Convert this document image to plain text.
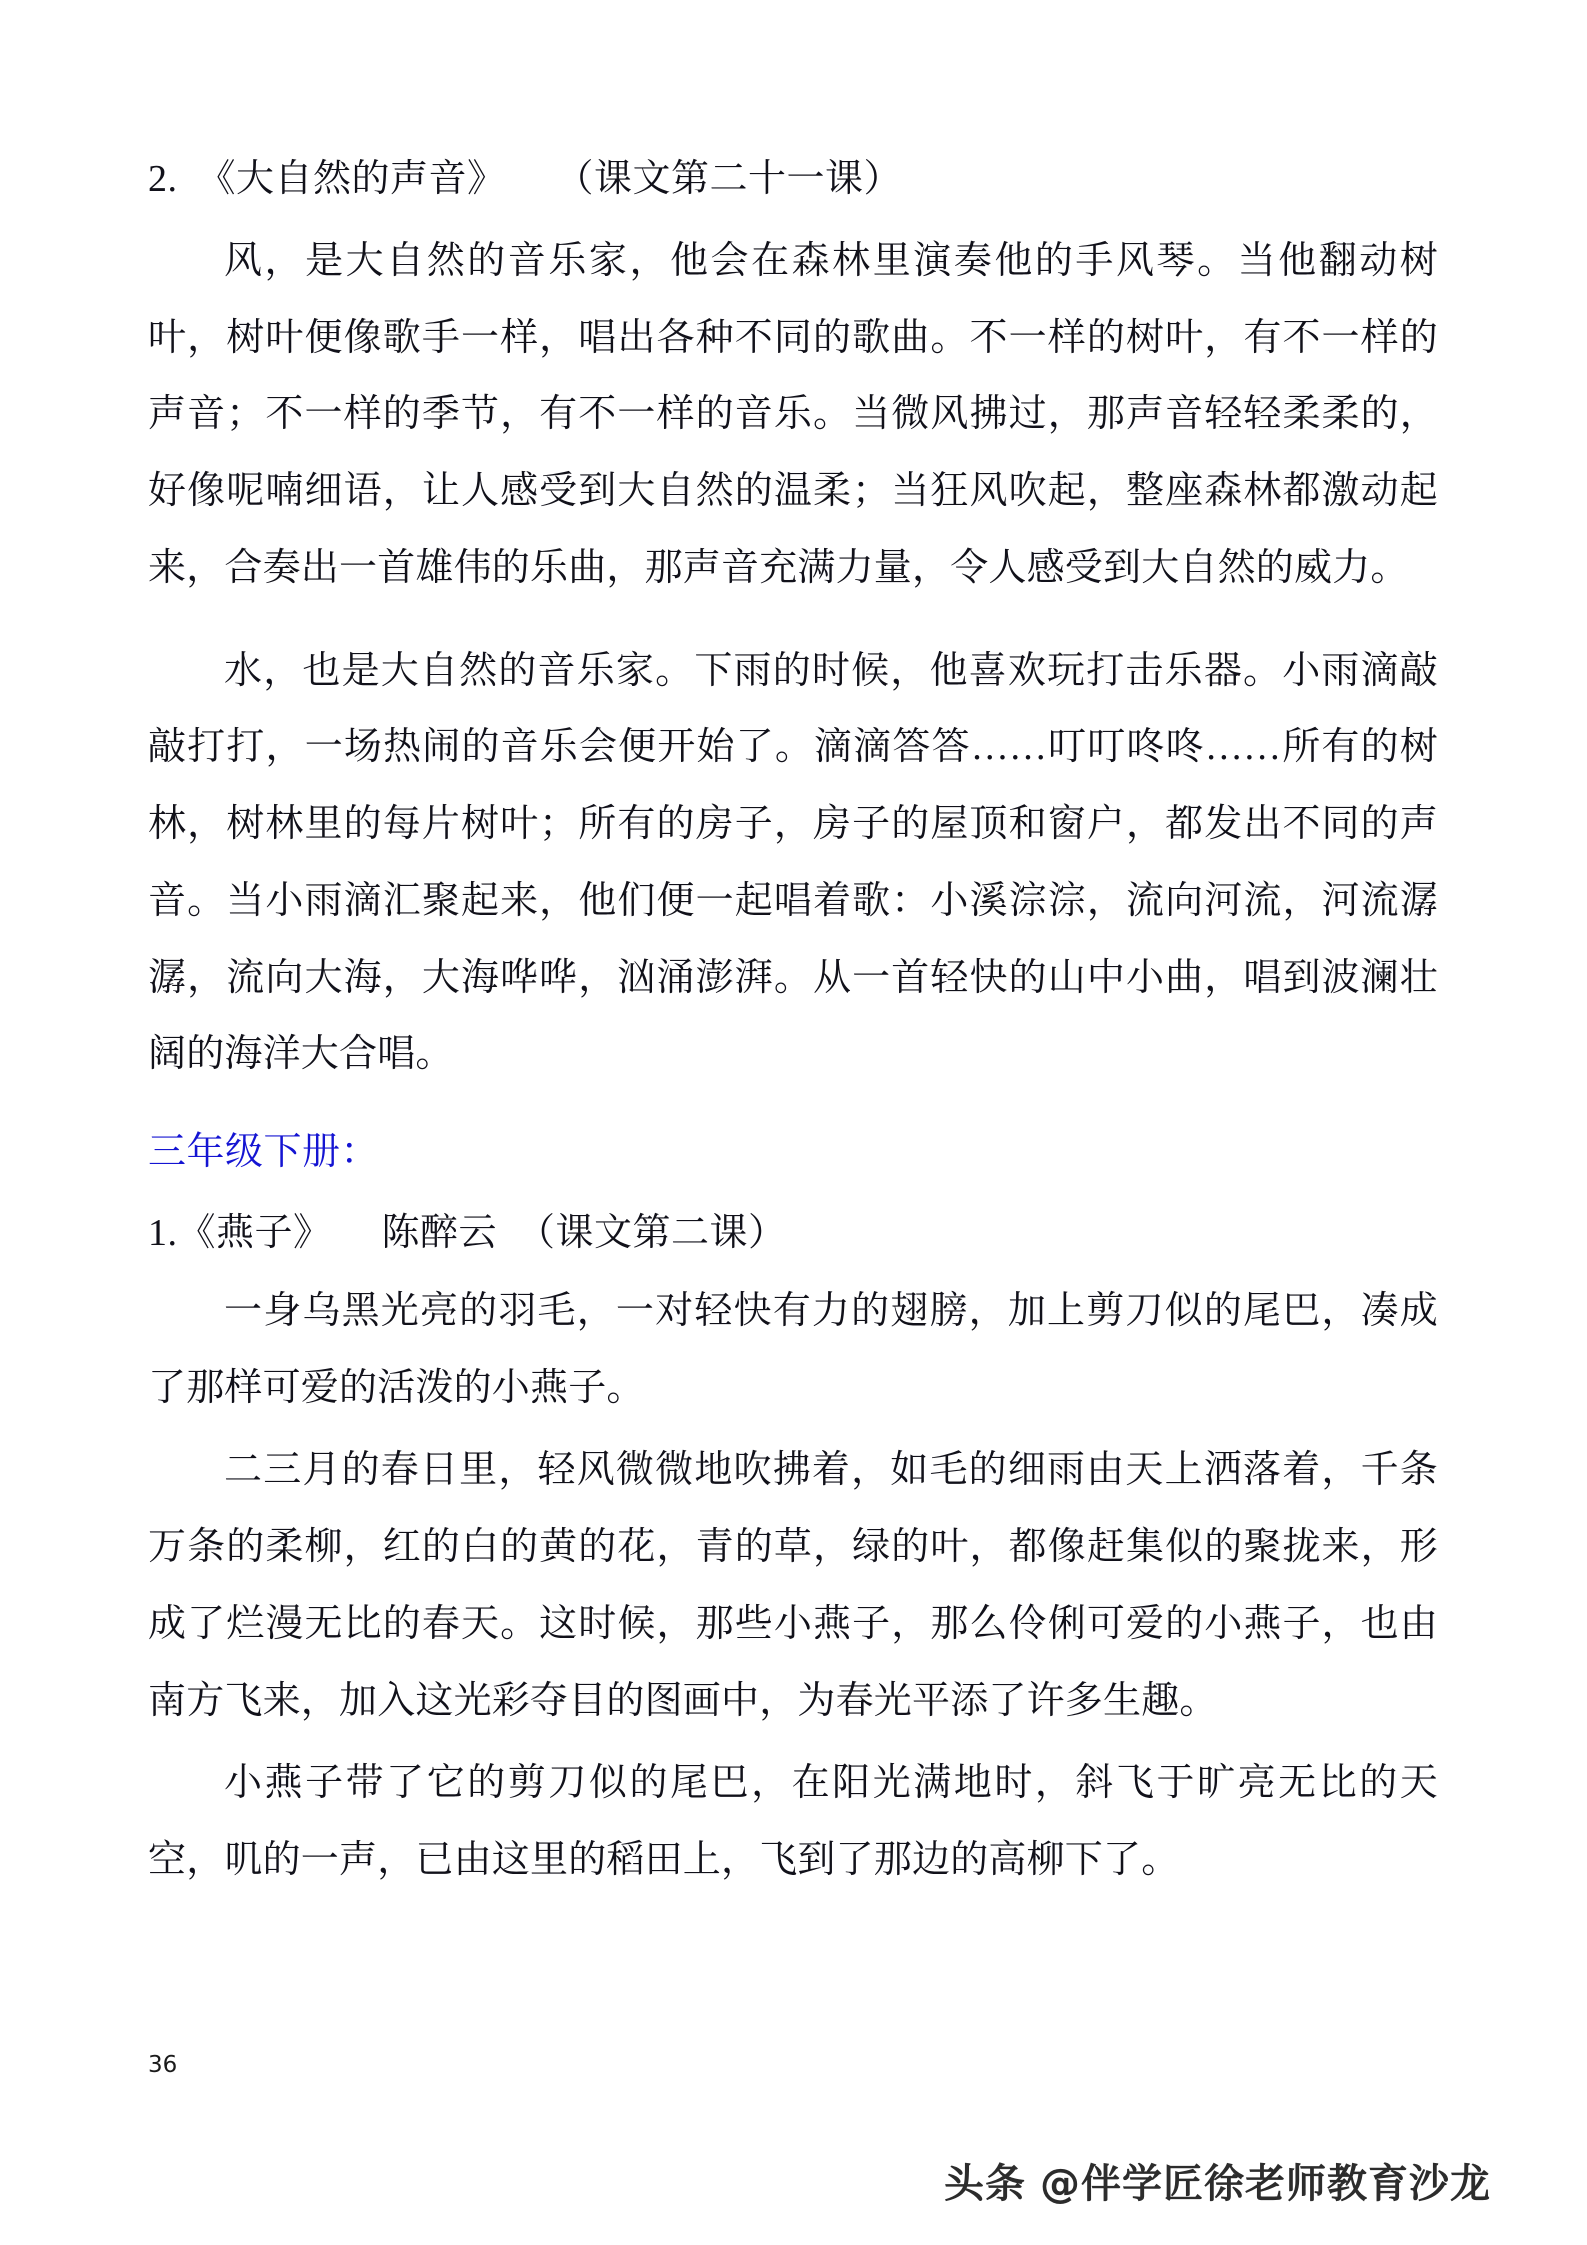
2.  《大自然的声音》     （课文第二十一课）

风，是大自然的音乐家，他会在森林里演奏他的手风琴。当他翻动树叶，树叶便像歌手一样，唱出各种不同的歌曲。不一样的树叶，有不一样的声音；不一样的季节，有不一样的音乐。当微风拂过，那声音轻轻柔柔的，好像呢喃细语，让人感受到大自然的温柔；当狂风吹起，整座森林都激动起来，合奏出一首雄伟的乐曲，那声音充满力量，令人感受到大自然的威力。

水，也是大自然的音乐家。下雨的时候，他喜欢玩打击乐器。小雨滴敲敲打打，一场热闹的音乐会便开始了。滴滴答答……叮叮咚咚……所有的树林，树林里的每片树叶；所有的房子，房子的屋顶和窗户，都发出不同的声音。当小雨滴汇聚起来，他们便一起唱着歌：小溪淙淙，流向河流，河流潺潺，流向大海，大海哗哗，汹涌澎湃。从一首轻快的山中小曲，唱到波澜壮阔的海洋大合唱。

三年级下册：

1.《燕子》     陈醉云  （课文第二课）

一身乌黑光亮的羽毛，一对轻快有力的翅膀，加上剪刀似的尾巴，凑成了那样可爱的活泼的小燕子。

二三月的春日里，轻风微微地吹拂着，如毛的细雨由天上洒落着，千条万条的柔柳，红的白的黄的花，青的草，绿的叶，都像赶集似的聚拢来，形成了烂漫无比的春天。这时候，那些小燕子，那么伶俐可爱的小燕子，也由南方飞来，加入这光彩夺目的图画中，为春光平添了许多生趣。

小燕子带了它的剪刀似的尾巴，在阳光满地时，斜飞于旷亮无比的天空，叽的一声，已由这里的稻田上，飞到了那边的高柳下了。

36
头条 @伴学匠徐老师教育沙龙
